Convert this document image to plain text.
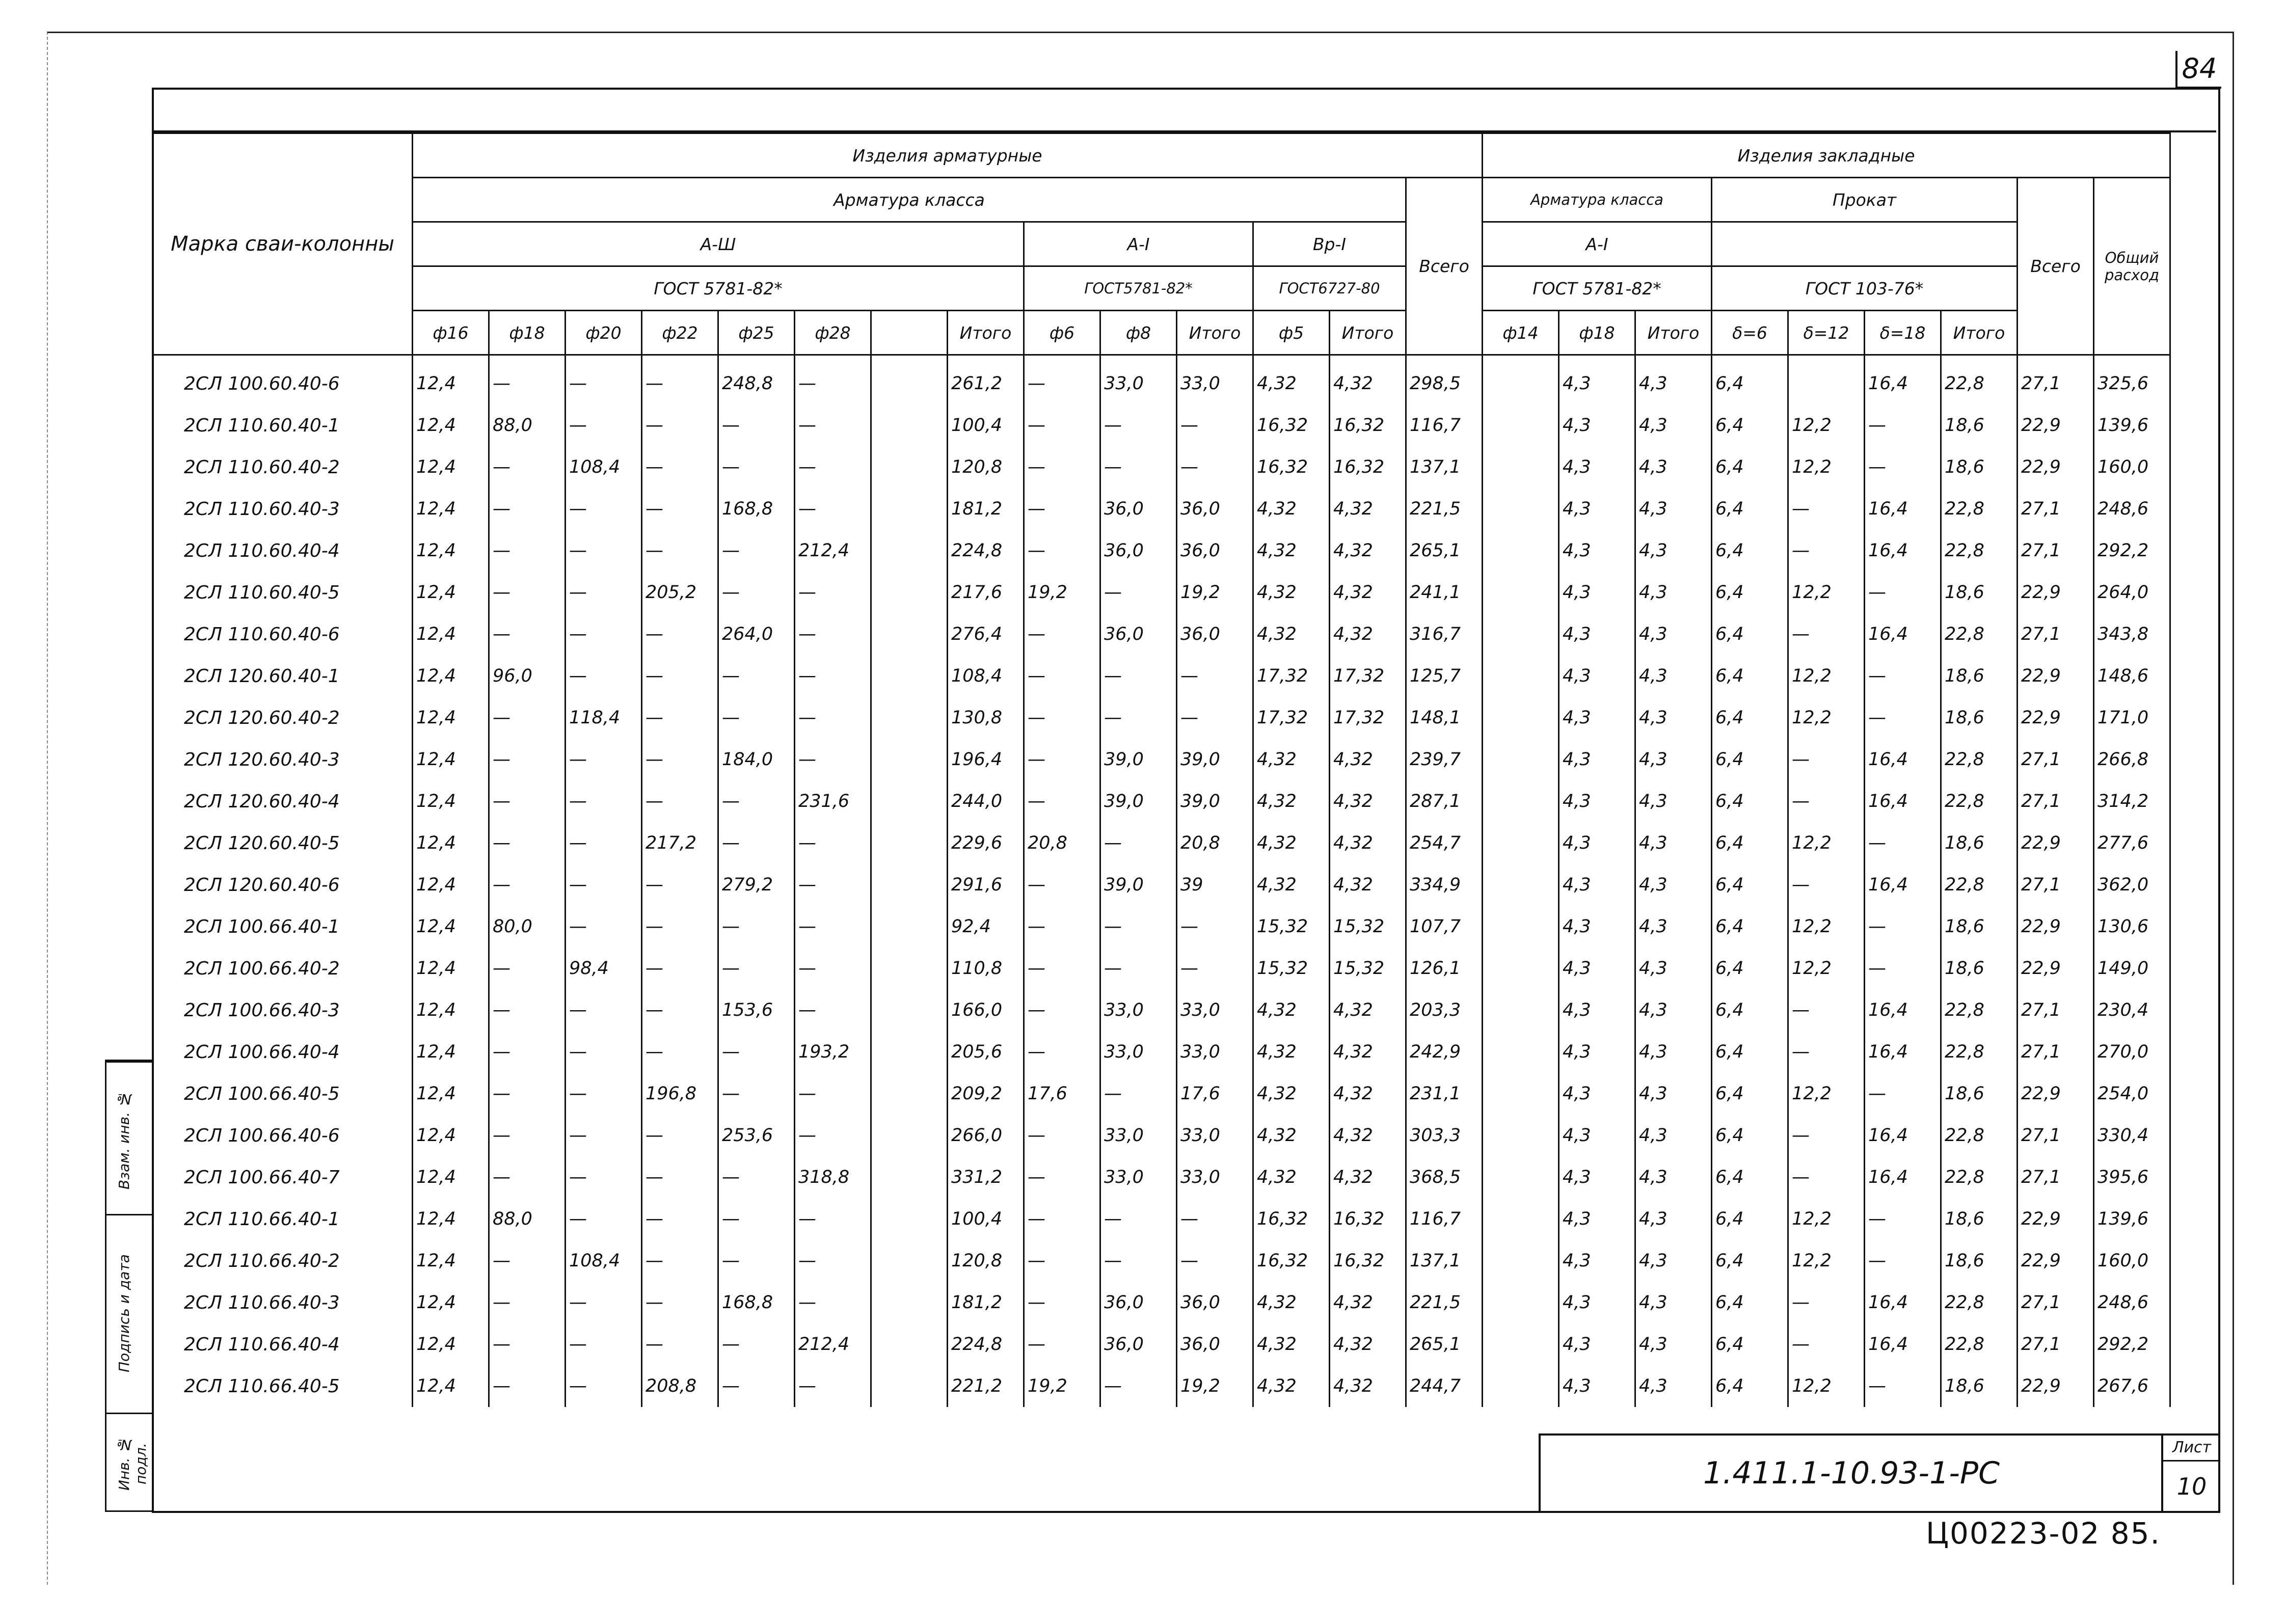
84
Взам. инв. №
Подпись и дата
Инв. № подл.
Марка сваи-колонны	Изделия арматурные														Изделия закладные								
	Арматура класса													Всего	Арматура класса			Прокат				Всего	Общий расход
	А-Ш								А-I			Вр-I			А-I								
	ГОСТ 5781-82*								ГОСТ5781-82*			ГОСТ6727-80			ГОСТ 5781-82*			ГОСТ 103-76*					
	ф16	ф18	ф20	ф22	ф25	ф28		Итого	ф6	ф8	Итого	ф5	Итого		ф14	ф18	Итого	δ=6	δ=12	δ=18	Итого		
2СЛ 100.60.40-6	12,4	—	—	—	248,8	—		261,2	—	33,0	33,0	4,32	4,32	298,5		4,3	4,3	6,4		16,4	22,8	27,1	325,6
2СЛ 110.60.40-1	12,4	88,0	—	—	—	—		100,4	—	—	—	16,32	16,32	116,7		4,3	4,3	6,4	12,2	—	18,6	22,9	139,6
2СЛ 110.60.40-2	12,4	—	108,4	—	—	—		120,8	—	—	—	16,32	16,32	137,1		4,3	4,3	6,4	12,2	—	18,6	22,9	160,0
2СЛ 110.60.40-3	12,4	—	—	—	168,8	—		181,2	—	36,0	36,0	4,32	4,32	221,5		4,3	4,3	6,4	—	16,4	22,8	27,1	248,6
2СЛ 110.60.40-4	12,4	—	—	—	—	212,4		224,8	—	36,0	36,0	4,32	4,32	265,1		4,3	4,3	6,4	—	16,4	22,8	27,1	292,2
2СЛ 110.60.40-5	12,4	—	—	205,2	—	—		217,6	19,2	—	19,2	4,32	4,32	241,1		4,3	4,3	6,4	12,2	—	18,6	22,9	264,0
2СЛ 110.60.40-6	12,4	—	—	—	264,0	—		276,4	—	36,0	36,0	4,32	4,32	316,7		4,3	4,3	6,4	—	16,4	22,8	27,1	343,8
2СЛ 120.60.40-1	12,4	96,0	—	—	—	—		108,4	—	—	—	17,32	17,32	125,7		4,3	4,3	6,4	12,2	—	18,6	22,9	148,6
2СЛ 120.60.40-2	12,4	—	118,4	—	—	—		130,8	—	—	—	17,32	17,32	148,1		4,3	4,3	6,4	12,2	—	18,6	22,9	171,0
2СЛ 120.60.40-3	12,4	—	—	—	184,0	—		196,4	—	39,0	39,0	4,32	4,32	239,7		4,3	4,3	6,4	—	16,4	22,8	27,1	266,8
2СЛ 120.60.40-4	12,4	—	—	—	—	231,6		244,0	—	39,0	39,0	4,32	4,32	287,1		4,3	4,3	6,4	—	16,4	22,8	27,1	314,2
2СЛ 120.60.40-5	12,4	—	—	217,2	—	—		229,6	20,8	—	20,8	4,32	4,32	254,7		4,3	4,3	6,4	12,2	—	18,6	22,9	277,6
2СЛ 120.60.40-6	12,4	—	—	—	279,2	—		291,6	—	39,0	39	4,32	4,32	334,9		4,3	4,3	6,4	—	16,4	22,8	27,1	362,0
2СЛ 100.66.40-1	12,4	80,0	—	—	—	—		92,4	—	—	—	15,32	15,32	107,7		4,3	4,3	6,4	12,2	—	18,6	22,9	130,6
2СЛ 100.66.40-2	12,4	—	98,4	—	—	—		110,8	—	—	—	15,32	15,32	126,1		4,3	4,3	6,4	12,2	—	18,6	22,9	149,0
2СЛ 100.66.40-3	12,4	—	—	—	153,6	—		166,0	—	33,0	33,0	4,32	4,32	203,3		4,3	4,3	6,4	—	16,4	22,8	27,1	230,4
2СЛ 100.66.40-4	12,4	—	—	—	—	193,2		205,6	—	33,0	33,0	4,32	4,32	242,9		4,3	4,3	6,4	—	16,4	22,8	27,1	270,0
2СЛ 100.66.40-5	12,4	—	—	196,8	—	—		209,2	17,6	—	17,6	4,32	4,32	231,1		4,3	4,3	6,4	12,2	—	18,6	22,9	254,0
2СЛ 100.66.40-6	12,4	—	—	—	253,6	—		266,0	—	33,0	33,0	4,32	4,32	303,3		4,3	4,3	6,4	—	16,4	22,8	27,1	330,4
2СЛ 100.66.40-7	12,4	—	—	—	—	318,8		331,2	—	33,0	33,0	4,32	4,32	368,5		4,3	4,3	6,4	—	16,4	22,8	27,1	395,6
2СЛ 110.66.40-1	12,4	88,0	—	—	—	—		100,4	—	—	—	16,32	16,32	116,7		4,3	4,3	6,4	12,2	—	18,6	22,9	139,6
2СЛ 110.66.40-2	12,4	—	108,4	—	—	—		120,8	—	—	—	16,32	16,32	137,1		4,3	4,3	6,4	12,2	—	18,6	22,9	160,0
2СЛ 110.66.40-3	12,4	—	—	—	168,8	—		181,2	—	36,0	36,0	4,32	4,32	221,5		4,3	4,3	6,4	—	16,4	22,8	27,1	248,6
2СЛ 110.66.40-4	12,4	—	—	—	—	212,4		224,8	—	36,0	36,0	4,32	4,32	265,1		4,3	4,3	6,4	—	16,4	22,8	27,1	292,2
2СЛ 110.66.40-5	12,4	—	—	208,8	—	—		221,2	19,2	—	19,2	4,32	4,32	244,7		4,3	4,3	6,4	12,2	—	18,6	22,9	267,6
1.411.1-10.93-1-РС
Лист
10
Ц00223-02 85.
